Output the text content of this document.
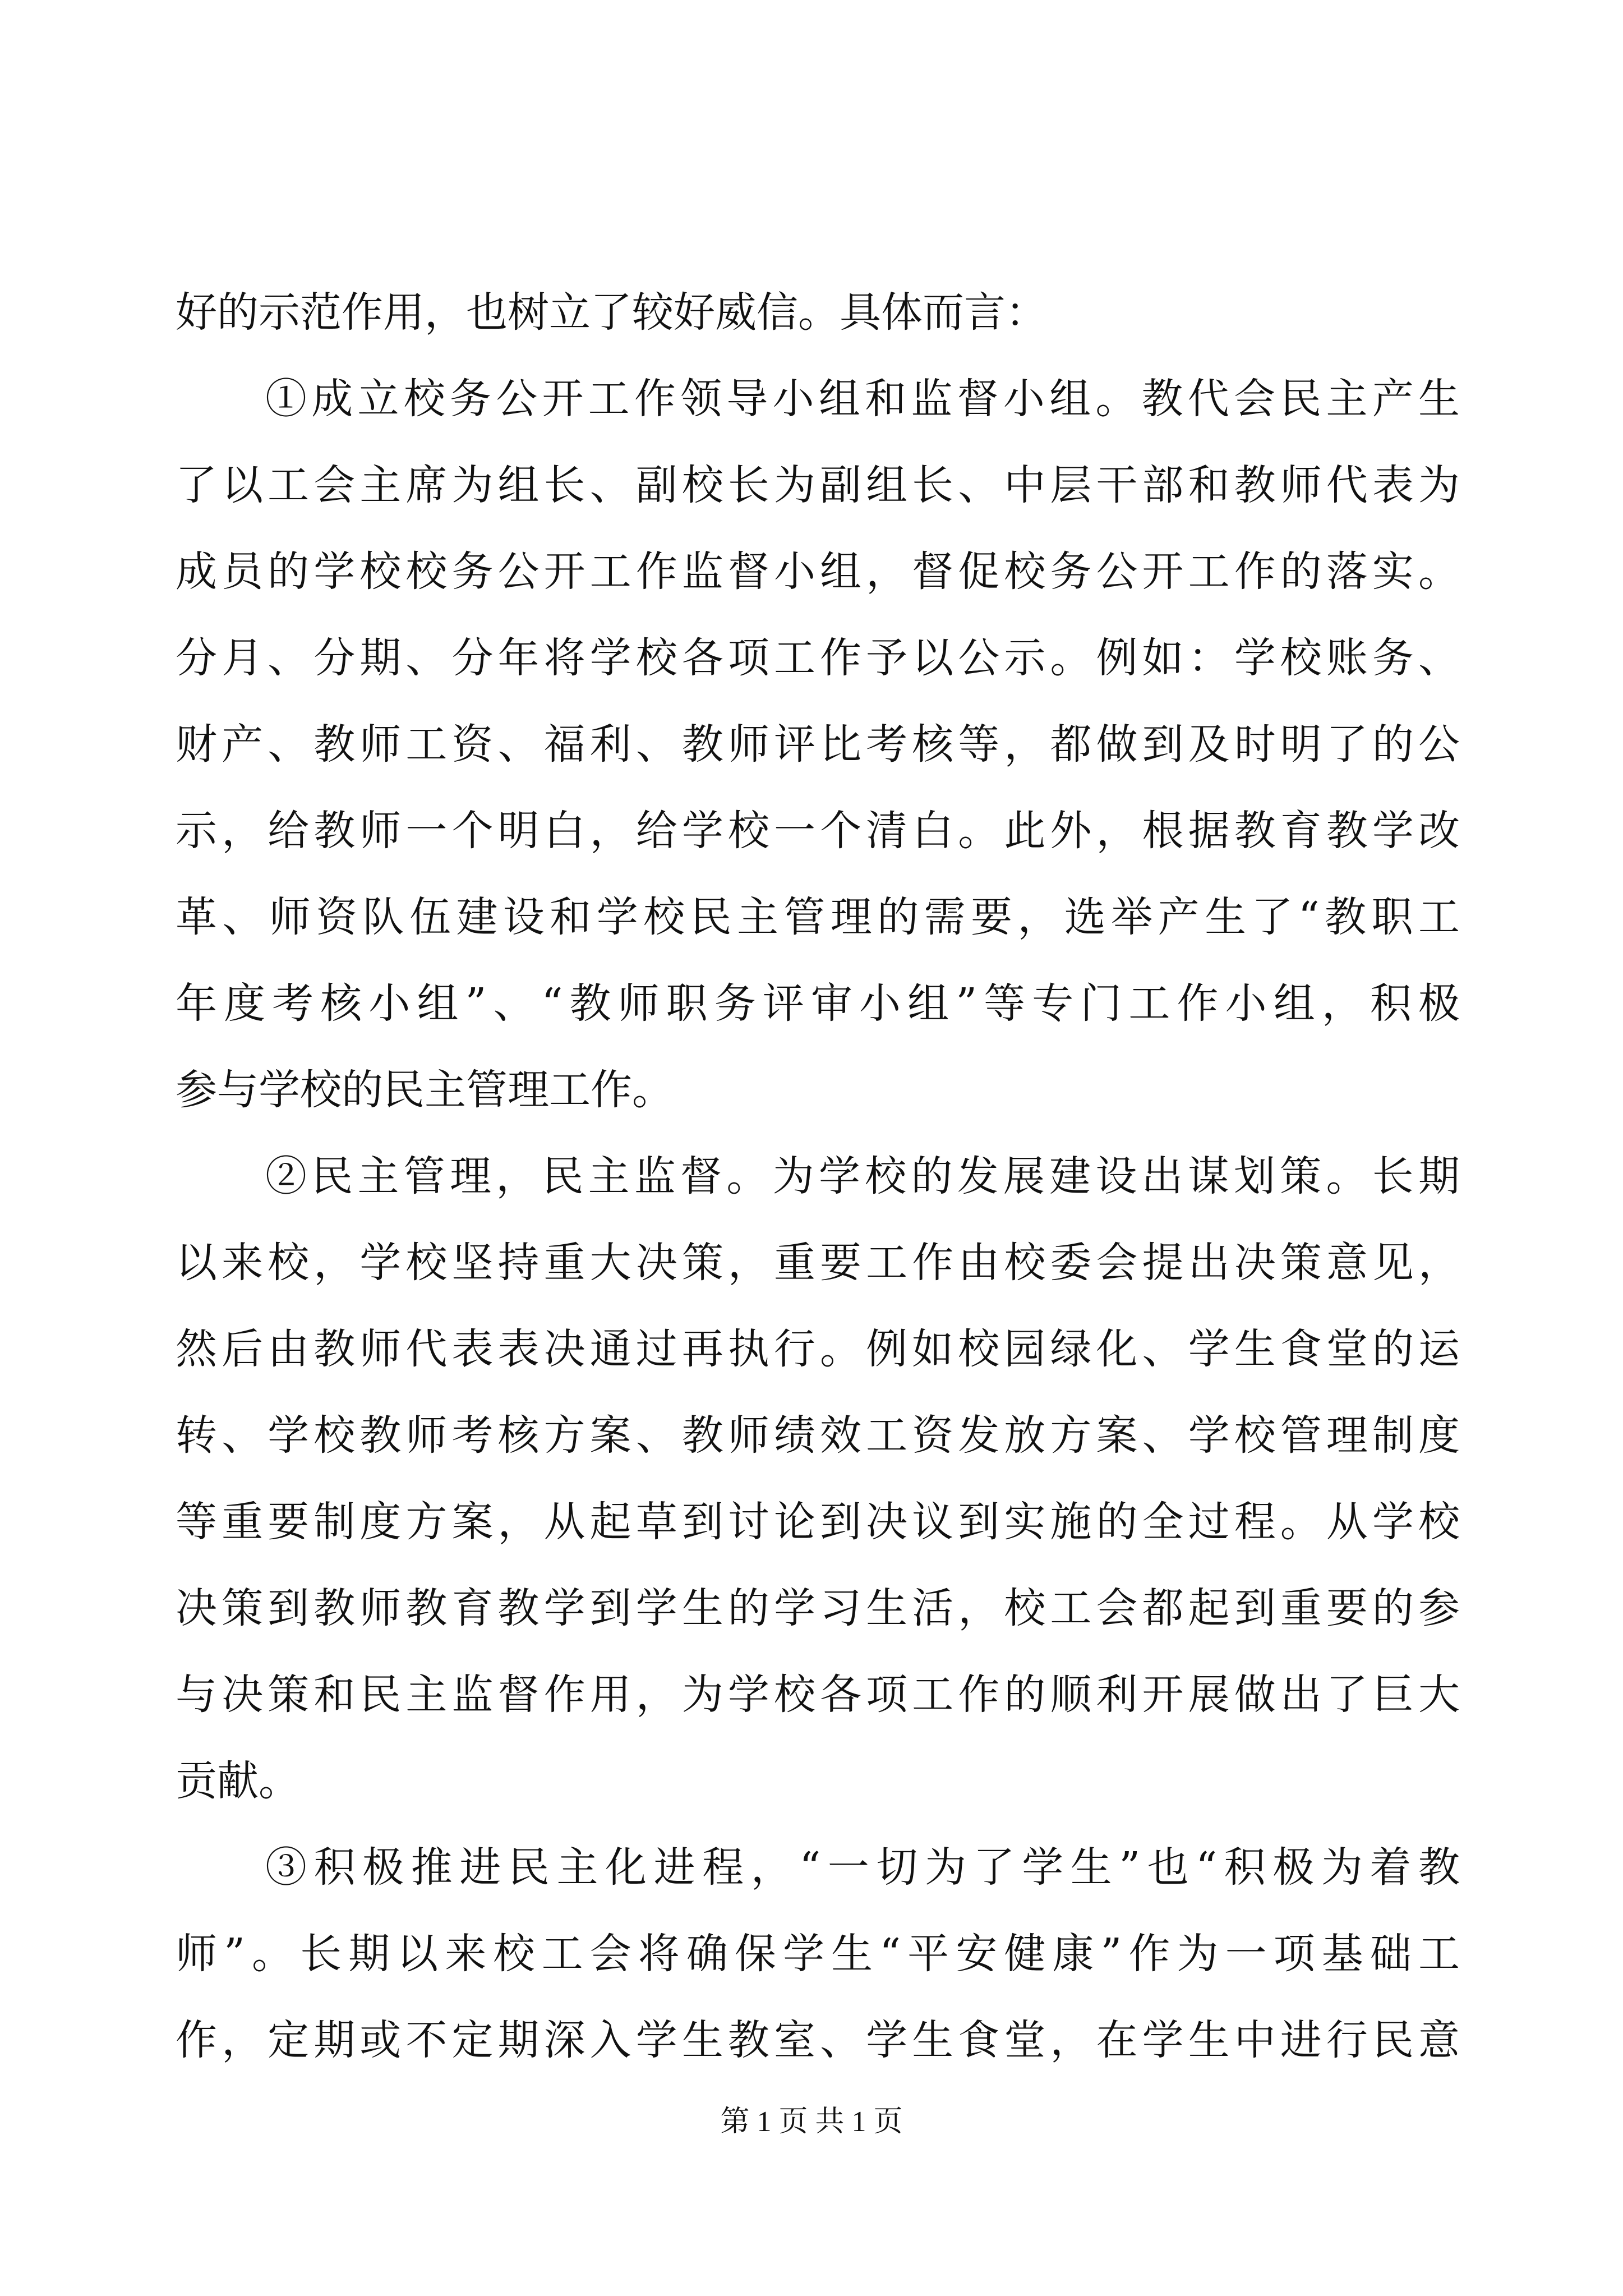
好的示范作用，也树立了较好威信。具体而言：
①成立校务公开工作领导小组和监督小组。教代会民主产生
了以工会主席为组长、副校长为副组长、中层干部和教师代表为
成员的学校校务公开工作监督小组，督促校务公开工作的落实。
分月、分期、分年将学校各项工作予以公示。例如：学校账务、
财产、教师工资、福利、教师评比考核等，都做到及时明了的公
示，给教师一个明白，给学校一个清白。此外，根据教育教学改
革、师资队伍建设和学校民主管理的需要，选举产生了“教职工
年度考核小组”、“教师职务评审小组”等专门工作小组，积极
参与学校的民主管理工作。
②民主管理，民主监督。为学校的发展建设出谋划策。长期
以来校，学校坚持重大决策，重要工作由校委会提出决策意见，
然后由教师代表表决通过再执行。例如校园绿化、学生食堂的运
转、学校教师考核方案、教师绩效工资发放方案、学校管理制度
等重要制度方案，从起草到讨论到决议到实施的全过程。从学校
决策到教师教育教学到学生的学习生活，校工会都起到重要的参
与决策和民主监督作用，为学校各项工作的顺利开展做出了巨大
贡献。
③积极推进民主化进程，“一切为了学生”也“积极为着教
师”。长期以来校工会将确保学生“平安健康”作为一项基础工
作，定期或不定期深入学生教室、学生食堂，在学生中进行民意
第 1 页 共 1 页
